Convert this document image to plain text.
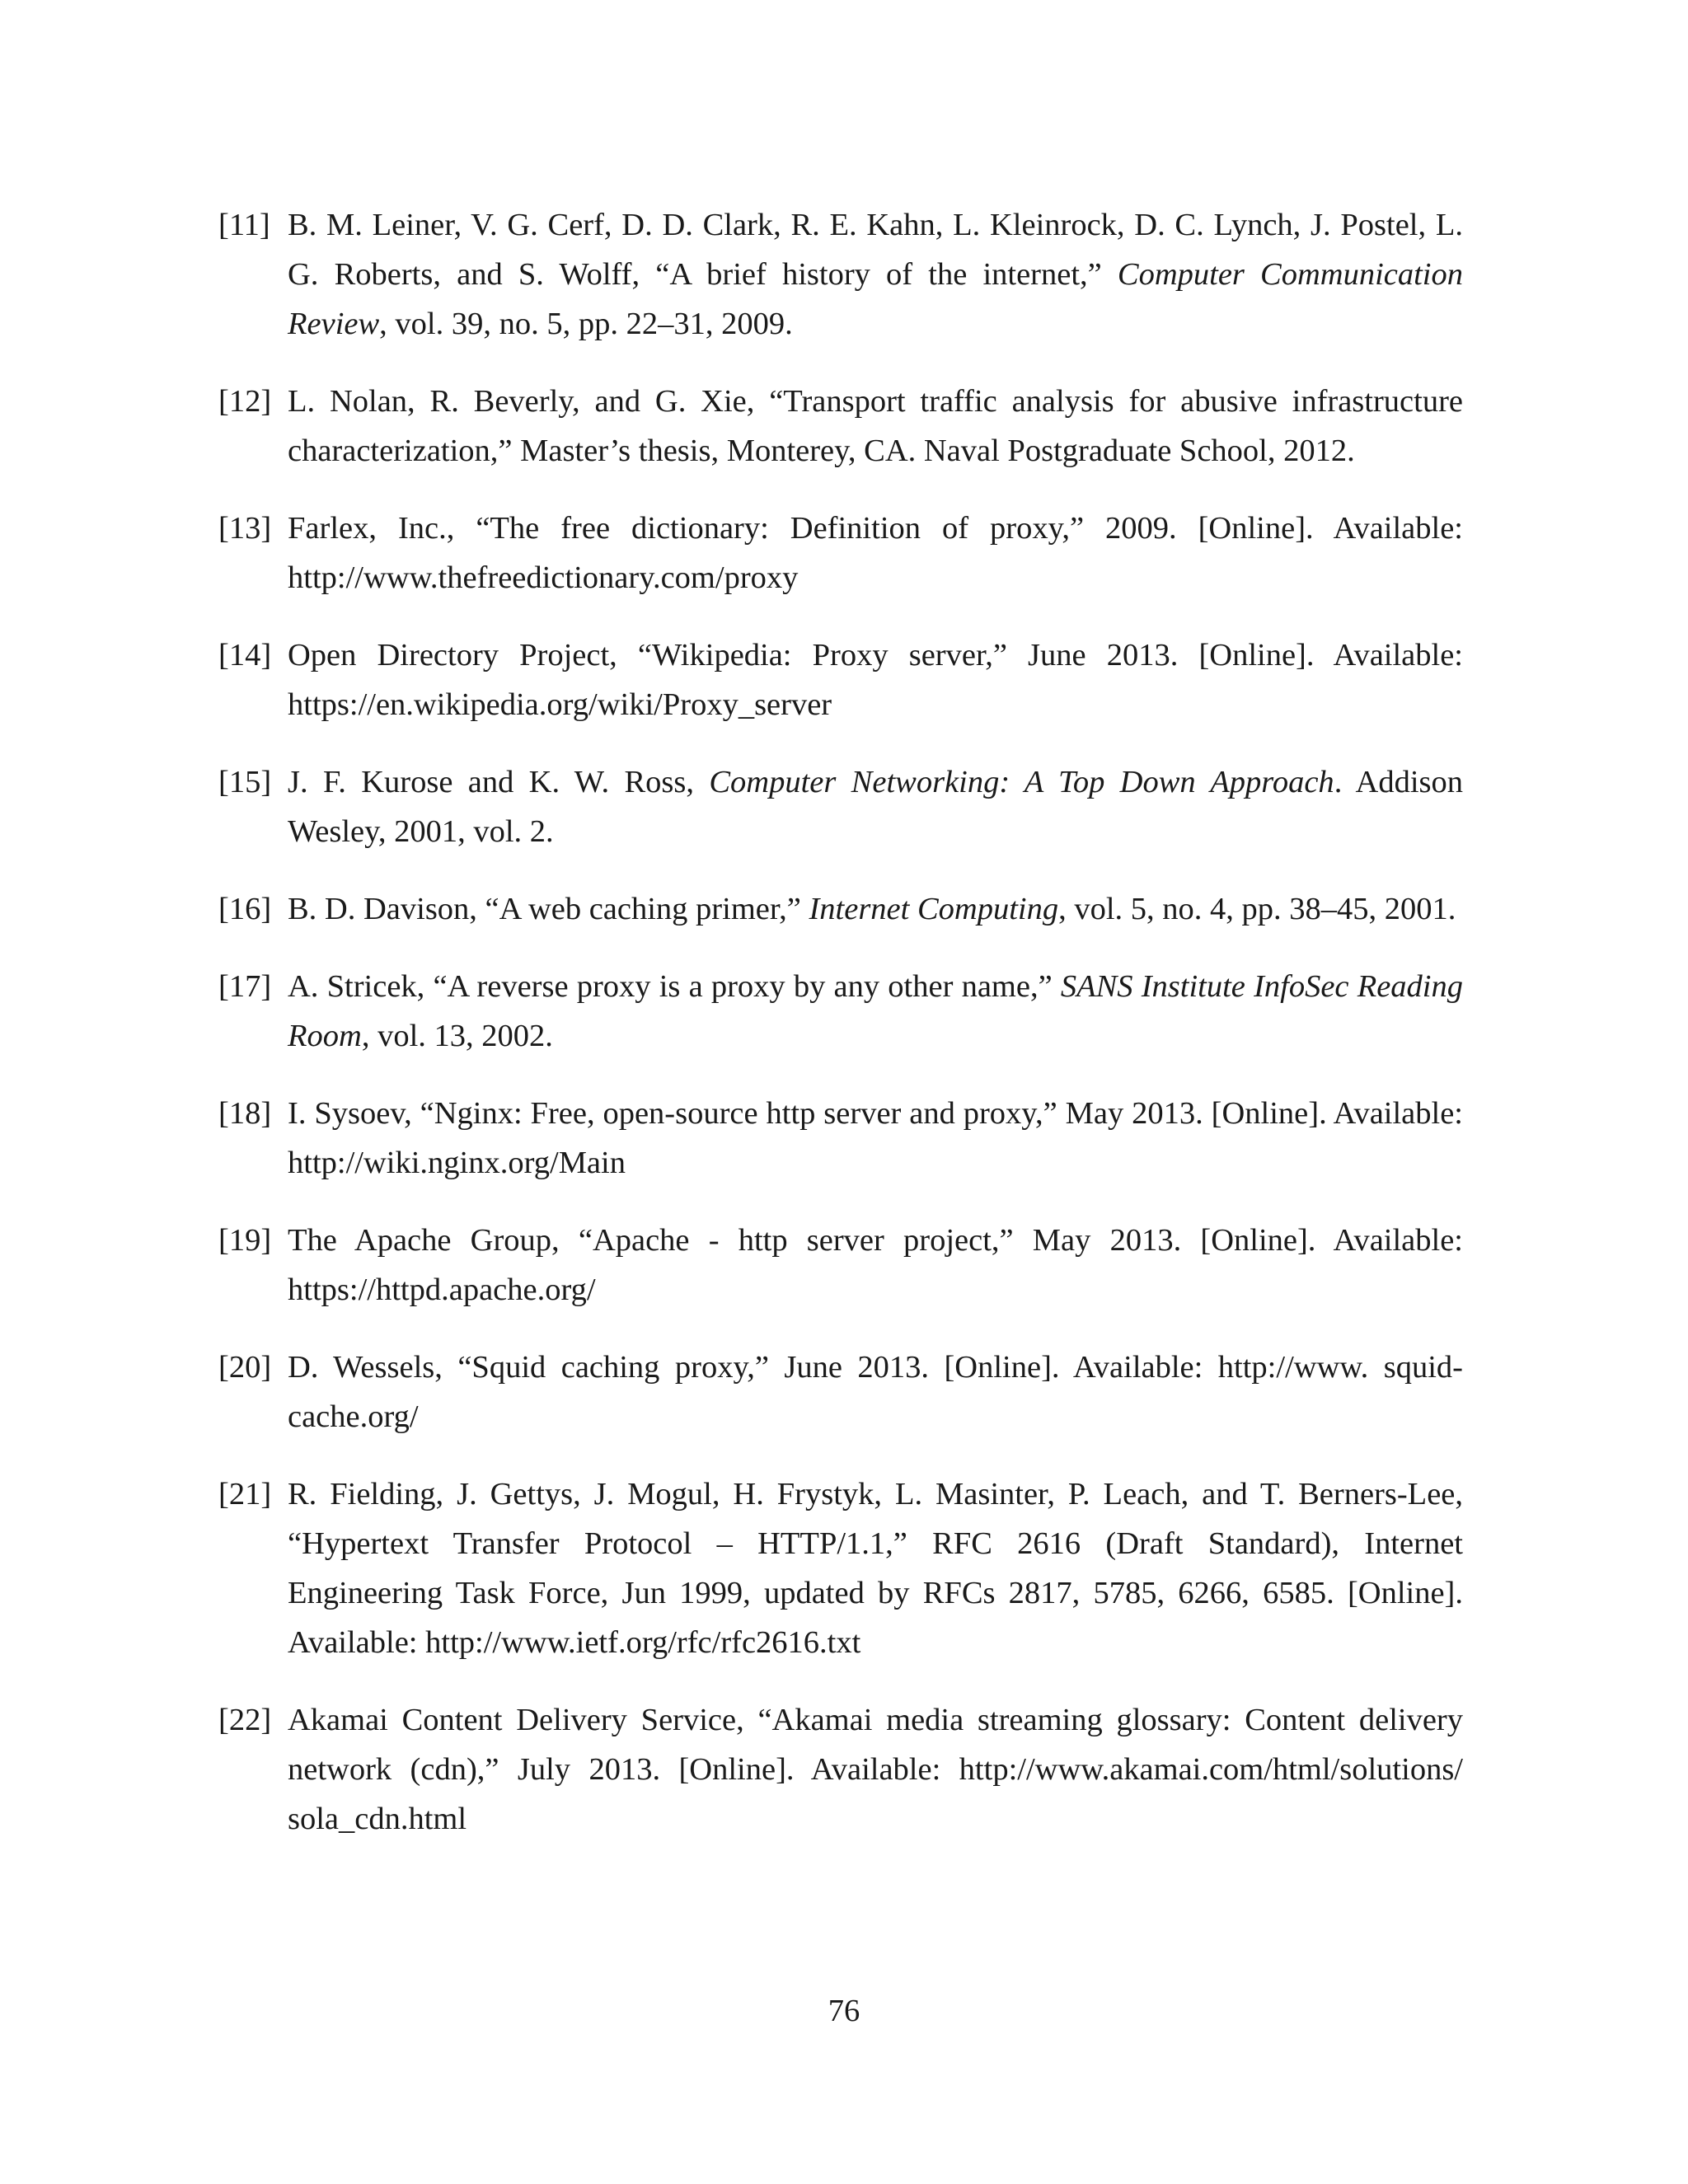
[11] B. M. Leiner, V. G. Cerf, D. D. Clark, R. E. Kahn, L. Kleinrock, D. C. Lynch, J. Postel, L. G. Roberts, and S. Wolff, “A brief history of the internet,” Computer Communication Review, vol. 39, no. 5, pp. 22–31, 2009.
[12] L. Nolan, R. Beverly, and G. Xie, “Transport traffic analysis for abusive infrastructure characterization,” Master’s thesis, Monterey, CA. Naval Postgraduate School, 2012.
[13] Farlex, Inc., “The free dictionary: Definition of proxy,” 2009. [Online]. Available: http://www.thefreedictionary.com/proxy
[14] Open Directory Project, “Wikipedia: Proxy server,” June 2013. [Online]. Available: https://en.wikipedia.org/wiki/Proxy_server
[15] J. F. Kurose and K. W. Ross, Computer Networking: A Top Down Approach. Addison Wesley, 2001, vol. 2.
[16] B. D. Davison, “A web caching primer,” Internet Computing, vol. 5, no. 4, pp. 38–45, 2001.
[17] A. Stricek, “A reverse proxy is a proxy by any other name,” SANS Institute InfoSec Reading Room, vol. 13, 2002.
[18] I. Sysoev, “Nginx: Free, open-source http server and proxy,” May 2013. [Online]. Available: http://wiki.nginx.org/Main
[19] The Apache Group, “Apache - http server project,” May 2013. [Online]. Available: https://httpd.apache.org/
[20] D. Wessels, “Squid caching proxy,” June 2013. [Online]. Available: http://www. squid-cache.org/
[21] R. Fielding, J. Gettys, J. Mogul, H. Frystyk, L. Masinter, P. Leach, and T. Berners-Lee, “Hypertext Transfer Protocol – HTTP/1.1,” RFC 2616 (Draft Standard), Internet Engineering Task Force, Jun 1999, updated by RFCs 2817, 5785, 6266, 6585. [Online]. Available: http://www.ietf.org/rfc/rfc2616.txt
[22] Akamai Content Delivery Service, “Akamai media streaming glossary: Content delivery network (cdn),” July 2013. [Online]. Available: http://www.akamai.com/html/solutions/ sola_cdn.html
76
